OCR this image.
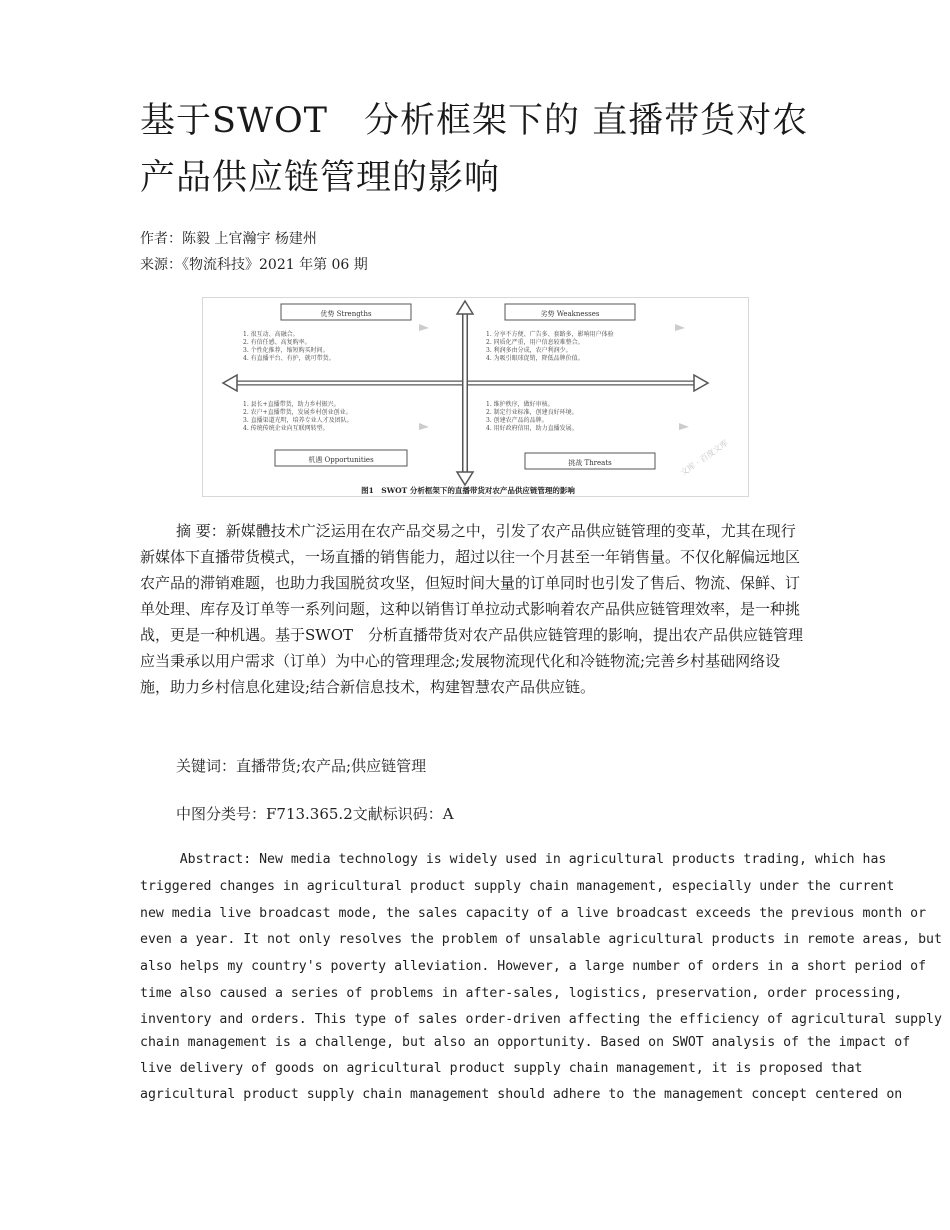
基于SWOT　分析框架下的 直播带货对农产品供应链管理的影响
作者：陈毅 上官瀚宇 杨建州
来源：《物流科技》2021 年第 06 期
优势 Strengths	劣势 Weaknesses
机遇 Opportunities	挑战 Threats
1. 很互动、高融合。
2. 有信任感、高复购率。
3. 个性化推荐，缩短购买时间。
4. 有直播平台、有护，就可带货。
1. 分享不方便、广告多、套路多，影响用户体验
2. 同质化严重，用户信息较难整合。
3. 利润多由分成，农户利润少。
4. 为吸引眼球促销，降低品牌价值。
1. 县长+直播带货，助力乡村振兴。
2. 农户+直播带货，发展乡村创业创业。
3. 直播渠道光明，培养专业人才及团队。
4. 传统传统企业向互联网转型。
1. 维护秩序，做好审核。
2. 制定行业标准，创建良好环境。
3. 创建农产品的品牌。
4. 用好政府信用，助力直播发展。
文库 · 百度文库
图1　SWOT 分析框架下的直播带货对农产品供应链管理的影响

摘 要：新媒體技术广泛运用在农产品交易之中，引发了农产品供应链管理的变革，尤其在现行新媒体下直播带货模式，一场直播的销售能力，超过以往一个月甚至一年销售量。不仅化解偏远地区农产品的滞销难题，也助力我国脱贫攻坚，但短时间大量的订单同时也引发了售后、物流、保鲜、订单处理、库存及订单等一系列问题，这种以销售订单拉动式影响着农产品供应链管理效率，是一种挑战，更是一种机遇。基于SWOT　分析直播带货对农产品供应链管理的影响，提出农产品供应链管理应当秉承以用户需求（订单）为中心的管理理念;发展物流现代化和冷链物流;完善乡村基础网络设施，助力乡村信息化建设;结合新信息技术，构建智慧农产品供应链。

关键词：直播带货;农产品;供应链管理
中图分类号：F713.365.2文献标识码：A
Abstract: New media technology is widely used in agricultural products trading, which has
triggered changes in agricultural product supply chain management, especially under the current
new media live broadcast mode, the sales capacity of a live broadcast exceeds the previous month or
even a year. It not only resolves the problem of unsalable agricultural products in remote areas, but
also helps my country's poverty alleviation. However, a large number of orders in a short period of
time also caused a series of problems in after-sales, logistics, preservation, order processing,
inventory and orders. This type of sales order-driven affecting the efficiency of agricultural supply
chain management is a challenge, but also an opportunity. Based on SWOT analysis of the impact of
live delivery of goods on agricultural product supply chain management, it is proposed that
agricultural product supply chain management should adhere to the management concept centered on
